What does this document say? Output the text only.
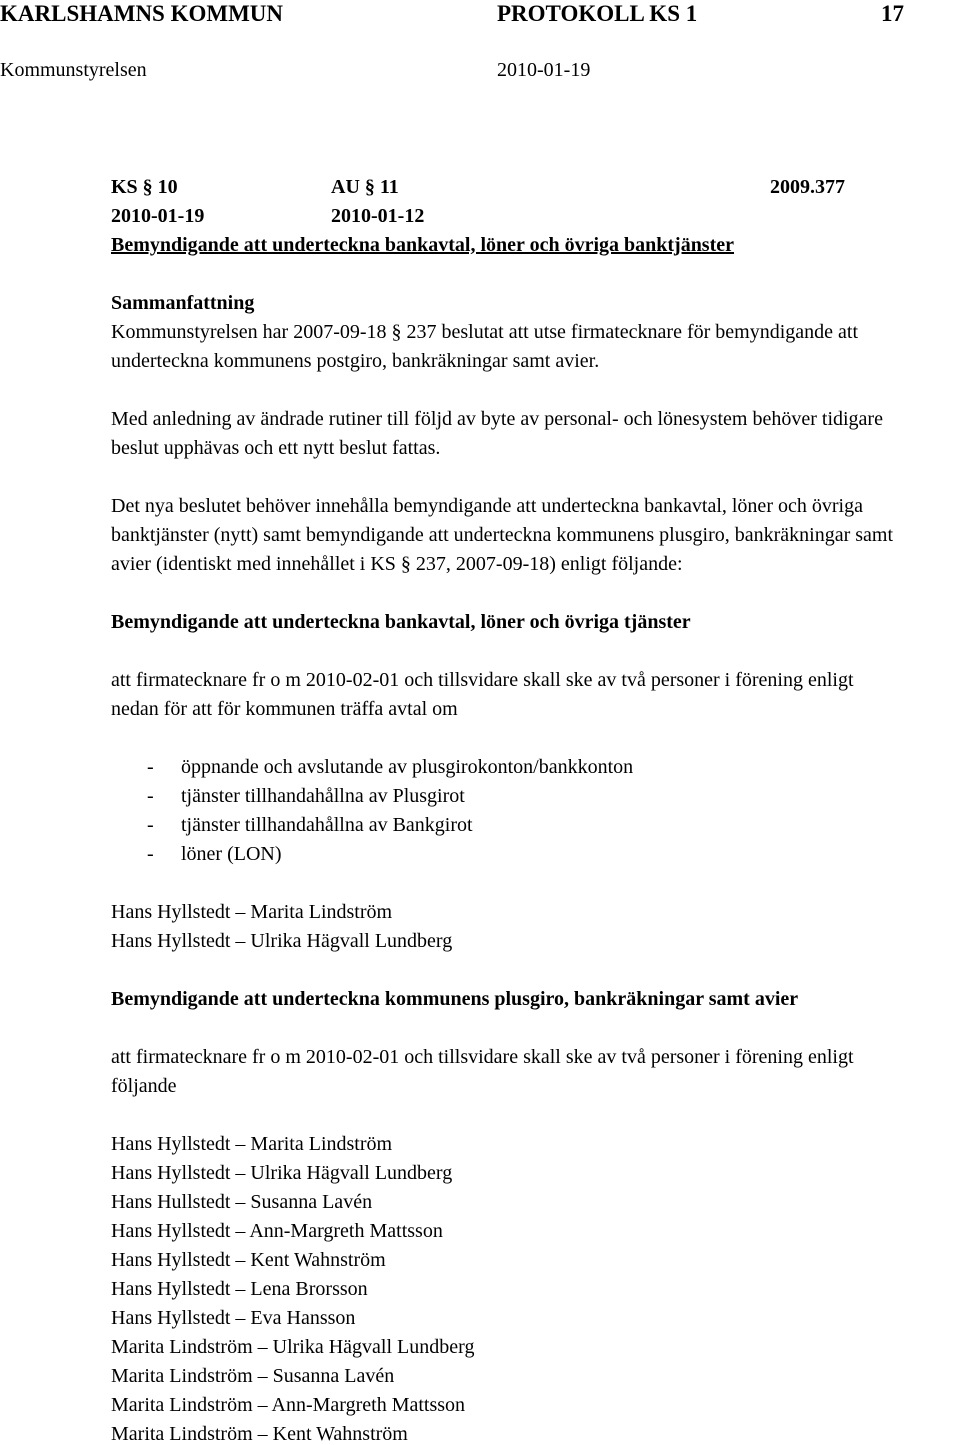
KARLSHAMNS KOMMUN	PROTOKOLL KS 1	17
Kommunstyrelsen	2010-01-19
KS § 10	AU § 11	2009.377
2010-01-19	2010-01-12
Bemyndigande att underteckna bankavtal, löner och övriga banktjänster
Sammanfattning
Kommunstyrelsen har 2007-09-18 § 237 beslutat att utse firmatecknare för bemyndigande att
underteckna kommunens postgiro, bankräkningar samt avier.
Med anledning av ändrade rutiner till följd av byte av personal- och lönesystem behöver tidigare
beslut upphävas och ett nytt beslut fattas.
Det nya beslutet behöver innehålla bemyndigande att underteckna bankavtal, löner och övriga
banktjänster (nytt) samt bemyndigande att underteckna kommunens plusgiro, bankräkningar samt
avier (identiskt med innehållet i KS § 237, 2007-09-18) enligt följande:
Bemyndigande att underteckna bankavtal, löner och övriga tjänster
att firmatecknare fr o m 2010-02-01 och tillsvidare skall ske av två personer i förening enligt
nedan för att för kommunen träffa avtal om
- öppnande och avslutande av plusgirokonton/bankkonton
- tjänster tillhandahållna av Plusgirot
- tjänster tillhandahållna av Bankgirot
- löner (LON)
Hans Hyllstedt – Marita Lindström
Hans Hyllstedt – Ulrika Hägvall Lundberg
Bemyndigande att underteckna kommunens plusgiro, bankräkningar samt avier
att firmatecknare fr o m 2010-02-01 och tillsvidare skall ske av två personer i förening enligt
följande
Hans Hyllstedt – Marita Lindström
Hans Hyllstedt – Ulrika Hägvall Lundberg
Hans Hullstedt – Susanna Lavén
Hans Hyllstedt – Ann-Margreth Mattsson
Hans Hyllstedt – Kent Wahnström
Hans Hyllstedt – Lena Brorsson
Hans Hyllstedt – Eva Hansson
Marita Lindström – Ulrika Hägvall Lundberg
Marita Lindström – Susanna Lavén
Marita Lindström – Ann-Margreth Mattsson
Marita Lindström – Kent Wahnström
